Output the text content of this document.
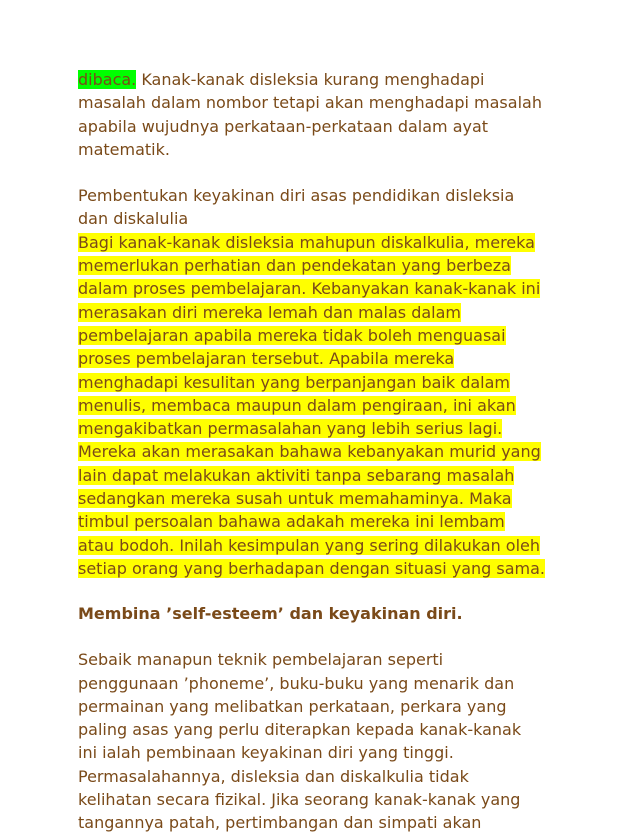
dibaca. Kanak-kanak disleksia kurang menghadapi
masalah dalam nombor tetapi akan menghadapi masalah
apabila wujudnya perkataan-perkataan dalam ayat
matematik.
Pembentukan keyakinan diri asas pendidikan disleksia
dan diskalulia
Bagi kanak-kanak disleksia mahupun diskalkulia, mereka
memerlukan perhatian dan pendekatan yang berbeza
dalam proses pembelajaran. Kebanyakan kanak-kanak ini
merasakan diri mereka lemah dan malas dalam
pembelajaran apabila mereka tidak boleh menguasai
proses pembelajaran tersebut. Apabila mereka
menghadapi kesulitan yang berpanjangan baik dalam
menulis, membaca maupun dalam pengiraan, ini akan
mengakibatkan permasalahan yang lebih serius lagi.
Mereka akan merasakan bahawa kebanyakan murid yang
lain dapat melakukan aktiviti tanpa sebarang masalah
sedangkan mereka susah untuk memahaminya. Maka
timbul persoalan bahawa adakah mereka ini lembam
atau bodoh. Inilah kesimpulan yang sering dilakukan oleh
setiap orang yang berhadapan dengan situasi yang sama.

Membina ’self-esteem’ dan keyakinan diri.

Sebaik manapun teknik pembelajaran seperti
penggunaan ’phoneme’, buku-buku yang menarik dan
permainan yang melibatkan perkataan, perkara yang
paling asas yang perlu diterapkan kepada kanak-kanak
ini ialah pembinaan keyakinan diri yang tinggi.
Permasalahannya, disleksia dan diskalkulia tidak
kelihatan secara fizikal. Jika seorang kanak-kanak yang
tangannya patah, pertimbangan dan simpati akan
